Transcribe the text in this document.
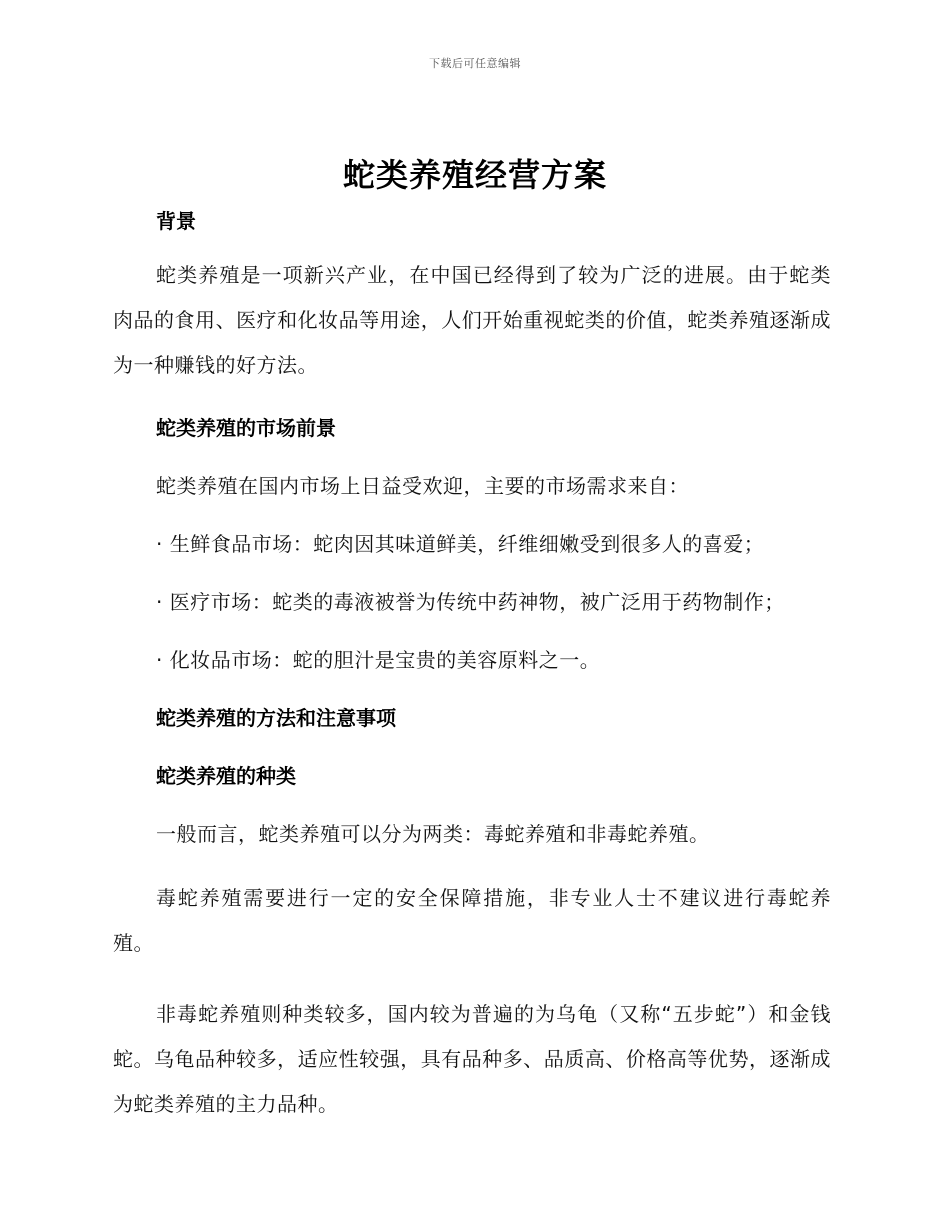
下载后可任意编辑
蛇类养殖经营方案
背景

蛇类养殖是一项新兴产业，在中国已经得到了较为广泛的进展。由于蛇类肉品的食用、医疗和化妆品等用途，人们开始重视蛇类的价值，蛇类养殖逐渐成为一种赚钱的好方法。

蛇类养殖的市场前景

蛇类养殖在国内市场上日益受欢迎，主要的市场需求来自：

· 生鲜食品市场：蛇肉因其味道鲜美，纤维细嫩受到很多人的喜爱；

· 医疗市场：蛇类的毒液被誉为传统中药神物，被广泛用于药物制作；

· 化妆品市场：蛇的胆汁是宝贵的美容原料之一。

蛇类养殖的方法和注意事项
蛇类养殖的种类

一般而言，蛇类养殖可以分为两类：毒蛇养殖和非毒蛇养殖。

毒蛇养殖需要进行一定的安全保障措施，非专业人士不建议进行毒蛇养殖。

非毒蛇养殖则种类较多，国内较为普遍的为乌龟（又称“五步蛇”）和金钱蛇。乌龟品种较多，适应性较强，具有品种多、品质高、价格高等优势，逐渐成为蛇类养殖的主力品种。
